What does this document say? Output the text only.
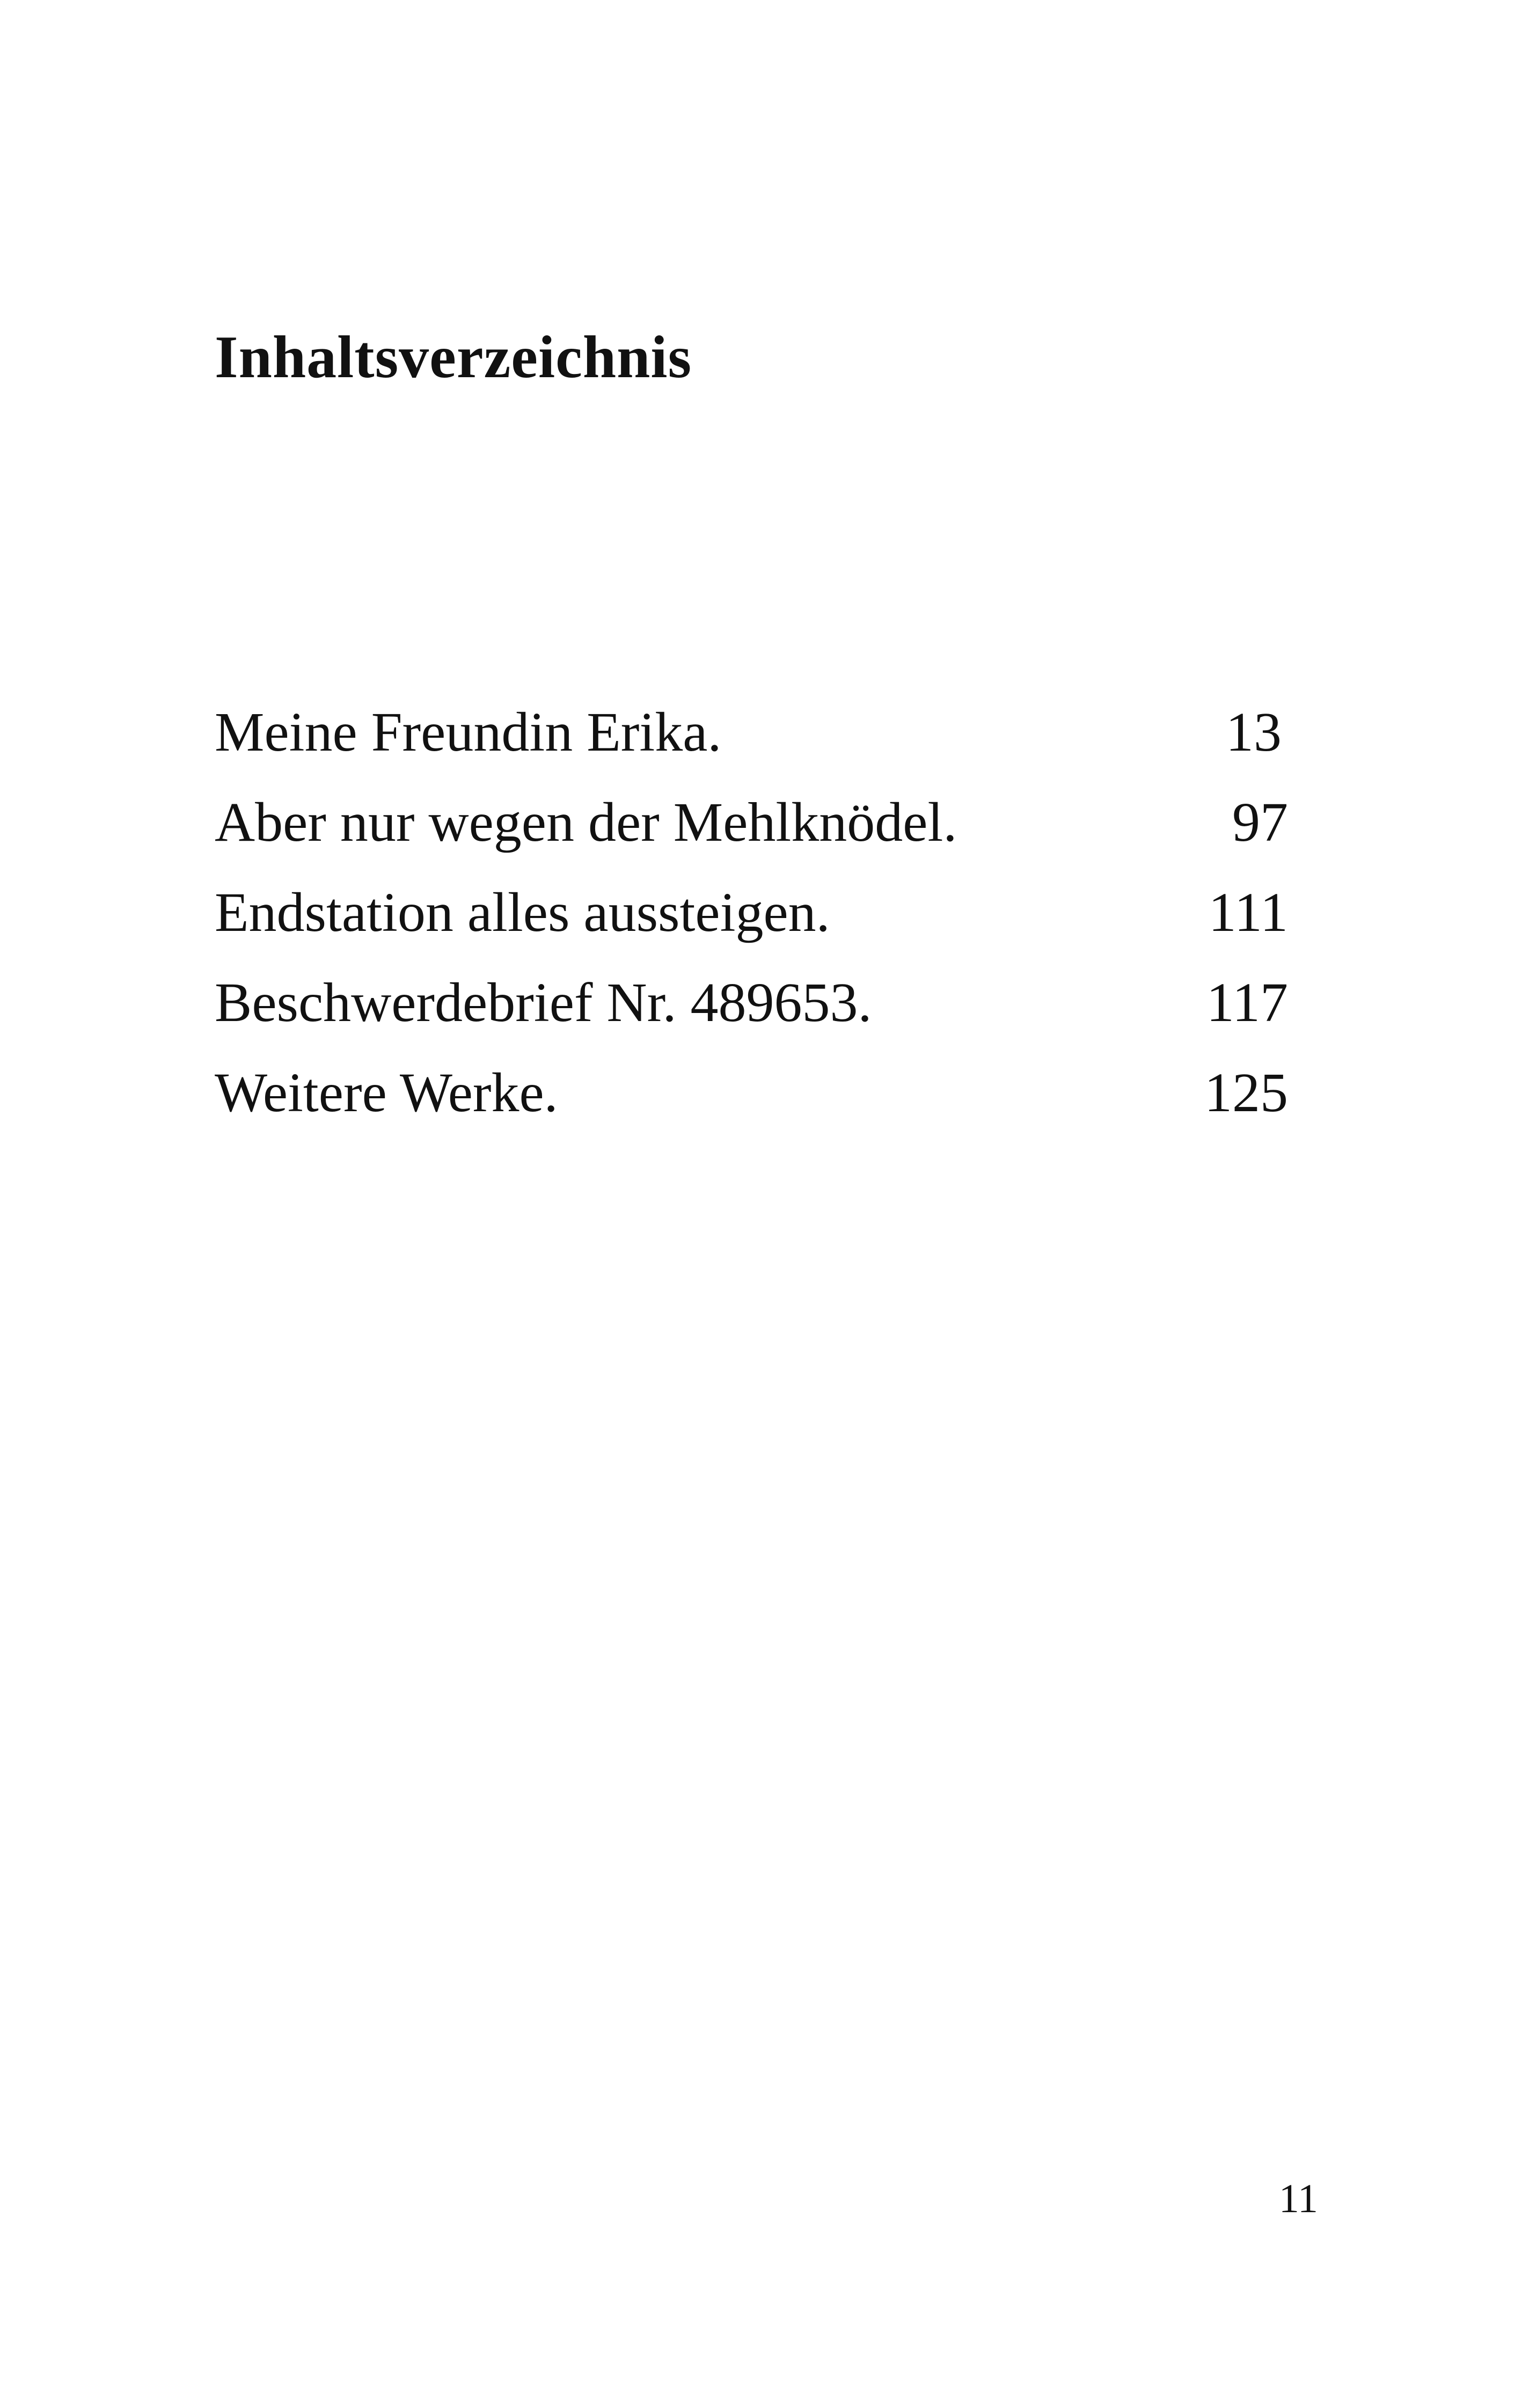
Inhaltsverzeichnis
Meine Freundin Erika.	13
Aber nur wegen der Mehlknödel.	97
Endstation alles aussteigen.	111
Beschwerdebrief Nr. 489653.	117
Weitere Werke.	125
11
